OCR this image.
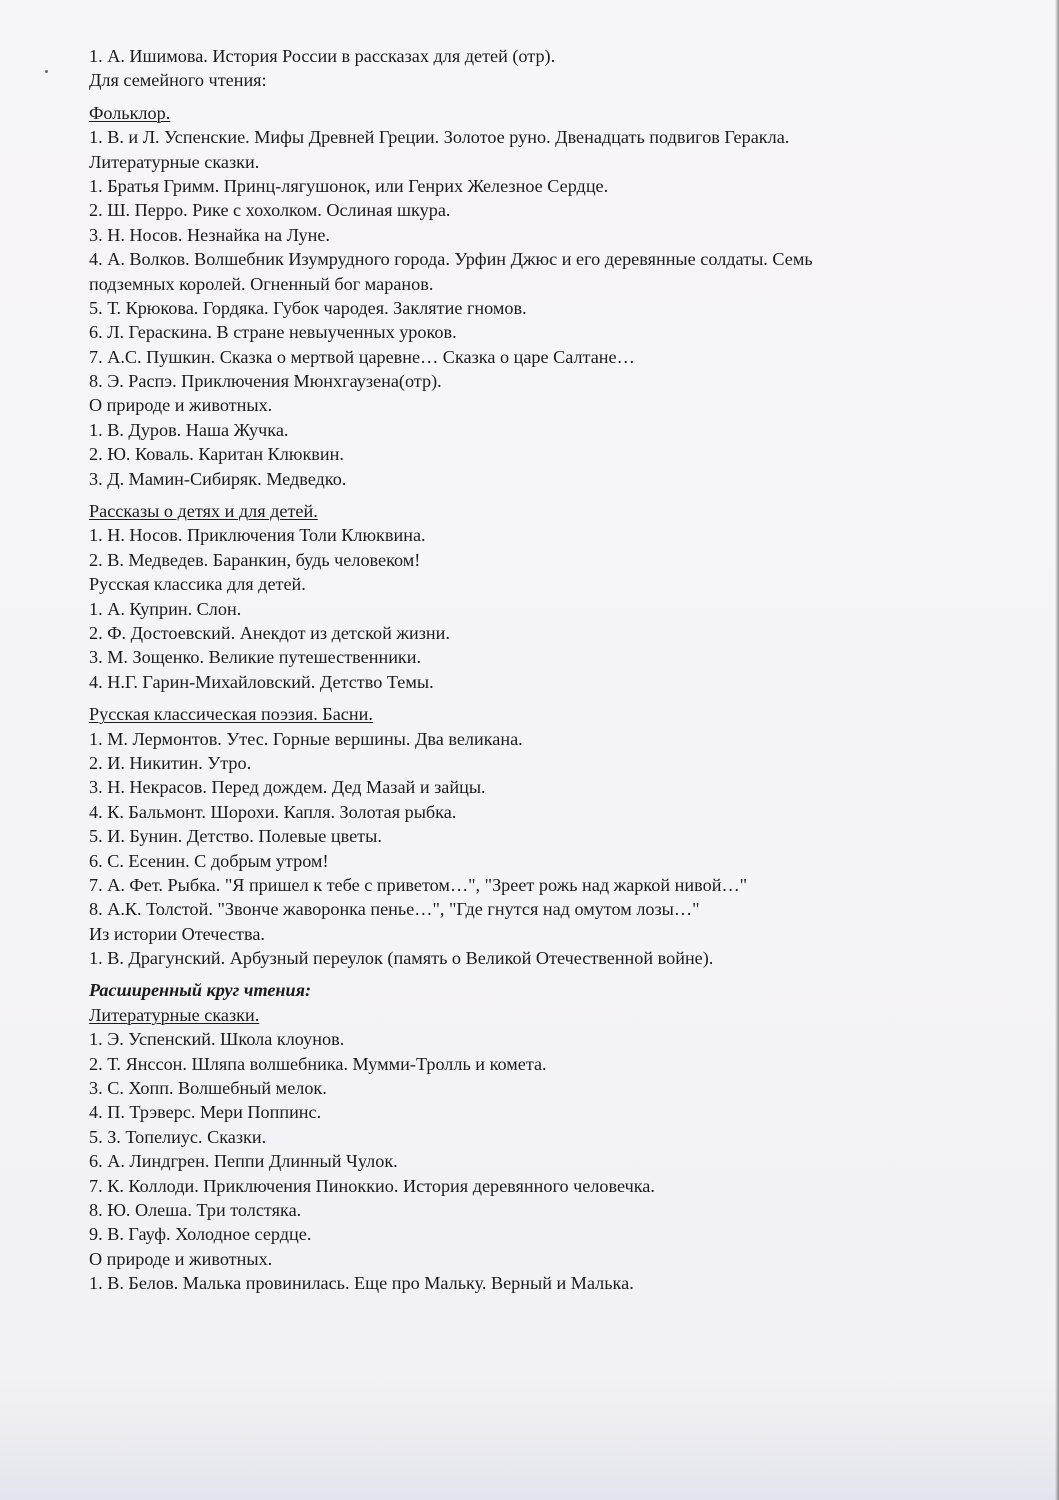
1. А. Ишимова. История России в рассказах для детей (отр).
Для семейного чтения:
Фольклор.
1. В. и Л. Успенские. Мифы Древней Греции. Золотое руно. Двенадцать подвигов Геракла.
Литературные сказки.
1. Братья Гримм. Принц-лягушонок, или Генрих Железное Сердце.
2. Ш. Перро. Рике с хохолком. Ослиная шкура.
3. Н. Носов. Незнайка на Луне.
4. А. Волков. Волшебник Изумрудного города. Урфин Джюс и его деревянные солдаты. Семь
подземных королей. Огненный бог маранов.
5. Т. Крюкова. Гордяка. Губок чародея. Заклятие гномов.
6. Л. Гераскина. В стране невыученных уроков.
7. А.С. Пушкин. Сказка о мертвой царевне… Сказка о царе Салтане…
8. Э. Распэ. Приключения Мюнхгаузена(отр).
О природе и животных.
1. В. Дуров. Наша Жучка.
2. Ю. Коваль. Каритан Клюквин.
3. Д. Мамин-Сибиряк. Медведко.
Рассказы о детях и для детей.
1. Н. Носов. Приключения Толи Клюквина.
2. В. Медведев. Баранкин, будь человеком!
Русская классика для детей.
1. А. Куприн. Слон.
2. Ф. Достоевский. Анекдот из детской жизни.
3. М. Зощенко. Великие путешественники.
4. Н.Г. Гарин-Михайловский. Детство Темы.
Русская классическая поэзия. Басни.
1. М. Лермонтов. Утес. Горные вершины. Два великана.
2. И. Никитин. Утро.
3. Н. Некрасов. Перед дождем. Дед Мазай и зайцы.
4. К. Бальмонт. Шорохи. Капля. Золотая рыбка.
5. И. Бунин. Детство. Полевые цветы.
6. С. Есенин. С добрым утром!
7. А. Фет. Рыбка. "Я пришел к тебе с приветом…", "Зреет рожь над жаркой нивой…"
8. А.К. Толстой. "Звонче жаворонка пенье…", "Где гнутся над омутом лозы…"
Из истории Отечества.
1. В. Драгунский. Арбузный переулок (память о Великой Отечественной войне).
Расширенный круг чтения:
Литературные сказки.
1. Э. Успенский. Школа клоунов.
2. Т. Янссон. Шляпа волшебника. Мумми-Тролль и комета.
3. С. Хопп. Волшебный мелок.
4. П. Трэверс. Мери Поппинс.
5. З. Топелиус. Сказки.
6. А. Линдгрен. Пеппи Длинный Чулок.
7. К. Коллоди. Приключения Пиноккио. История деревянного человечка.
8. Ю. Олеша. Три толстяка.
9. В. Гауф. Холодное сердце.
О природе и животных.
1. В. Белов. Малька провинилась. Еще про Мальку. Верный и Малька.
